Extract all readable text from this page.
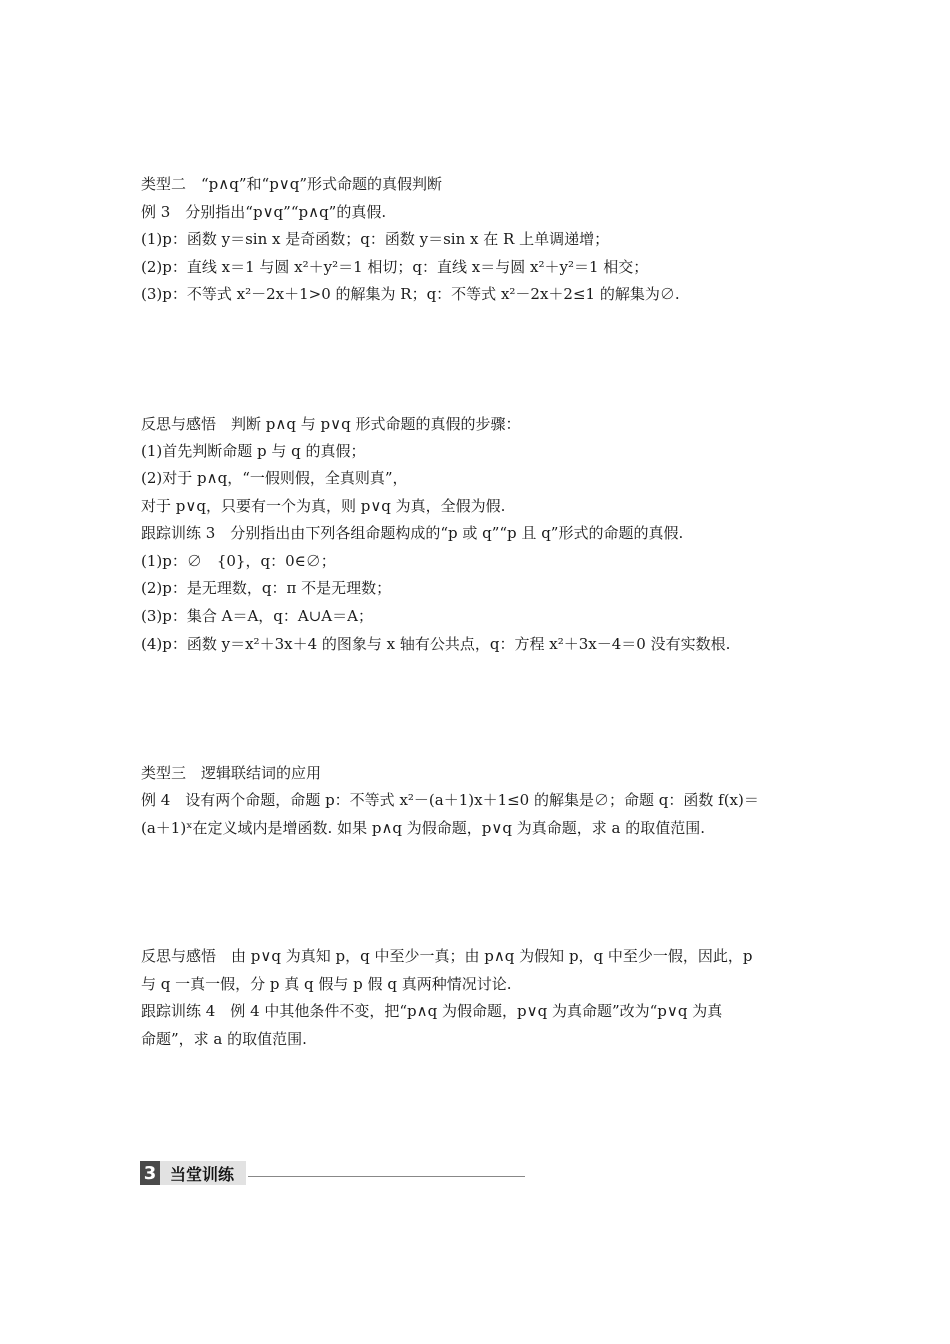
类型二　“p∧q”和“p∨q”形式命题的真假判断
例 3　分别指出“p∨q”“p∧q”的真假.
(1)p：函数 y＝sin x 是奇函数；q：函数 y＝sin x 在 R 上单调递增；
(2)p：直线 x＝1 与圆 x²＋y²＝1 相切；q：直线 x＝与圆 x²＋y²＝1 相交；
(3)p：不等式 x²－2x＋1>0 的解集为 R；q：不等式 x²－2x＋2≤1 的解集为∅.
反思与感悟　判断 p∧q 与 p∨q 形式命题的真假的步骤：
(1)首先判断命题 p 与 q 的真假；
(2)对于 p∧q，“一假则假，全真则真”，
对于 p∨q，只要有一个为真，则 p∨q 为真，全假为假.
跟踪训练 3　分别指出由下列各组命题构成的“p 或 q”“p 且 q”形式的命题的真假.
(1)p：∅　{0}，q：0∈∅；
(2)p：是无理数，q：π 不是无理数；
(3)p：集合 A＝A，q：A∪A＝A；
(4)p：函数 y＝x²＋3x＋4 的图象与 x 轴有公共点，q：方程 x²＋3x－4＝0 没有实数根.
类型三　逻辑联结词的应用
例 4　设有两个命题，命题 p：不等式 x²－(a＋1)x＋1≤0 的解集是∅；命题 q：函数 f(x)＝
(a＋1)ˣ在定义域内是增函数. 如果 p∧q 为假命题，p∨q 为真命题，求 a 的取值范围.
反思与感悟　由 p∨q 为真知 p，q 中至少一真；由 p∧q 为假知 p，q 中至少一假，因此，p
与 q 一真一假，分 p 真 q 假与 p 假 q 真两种情况讨论.
跟踪训练 4　例 4 中其他条件不变，把“p∧q 为假命题，p∨q 为真命题”改为“p∨q 为真
命题”，求 a 的取值范围.
3 当堂训练
